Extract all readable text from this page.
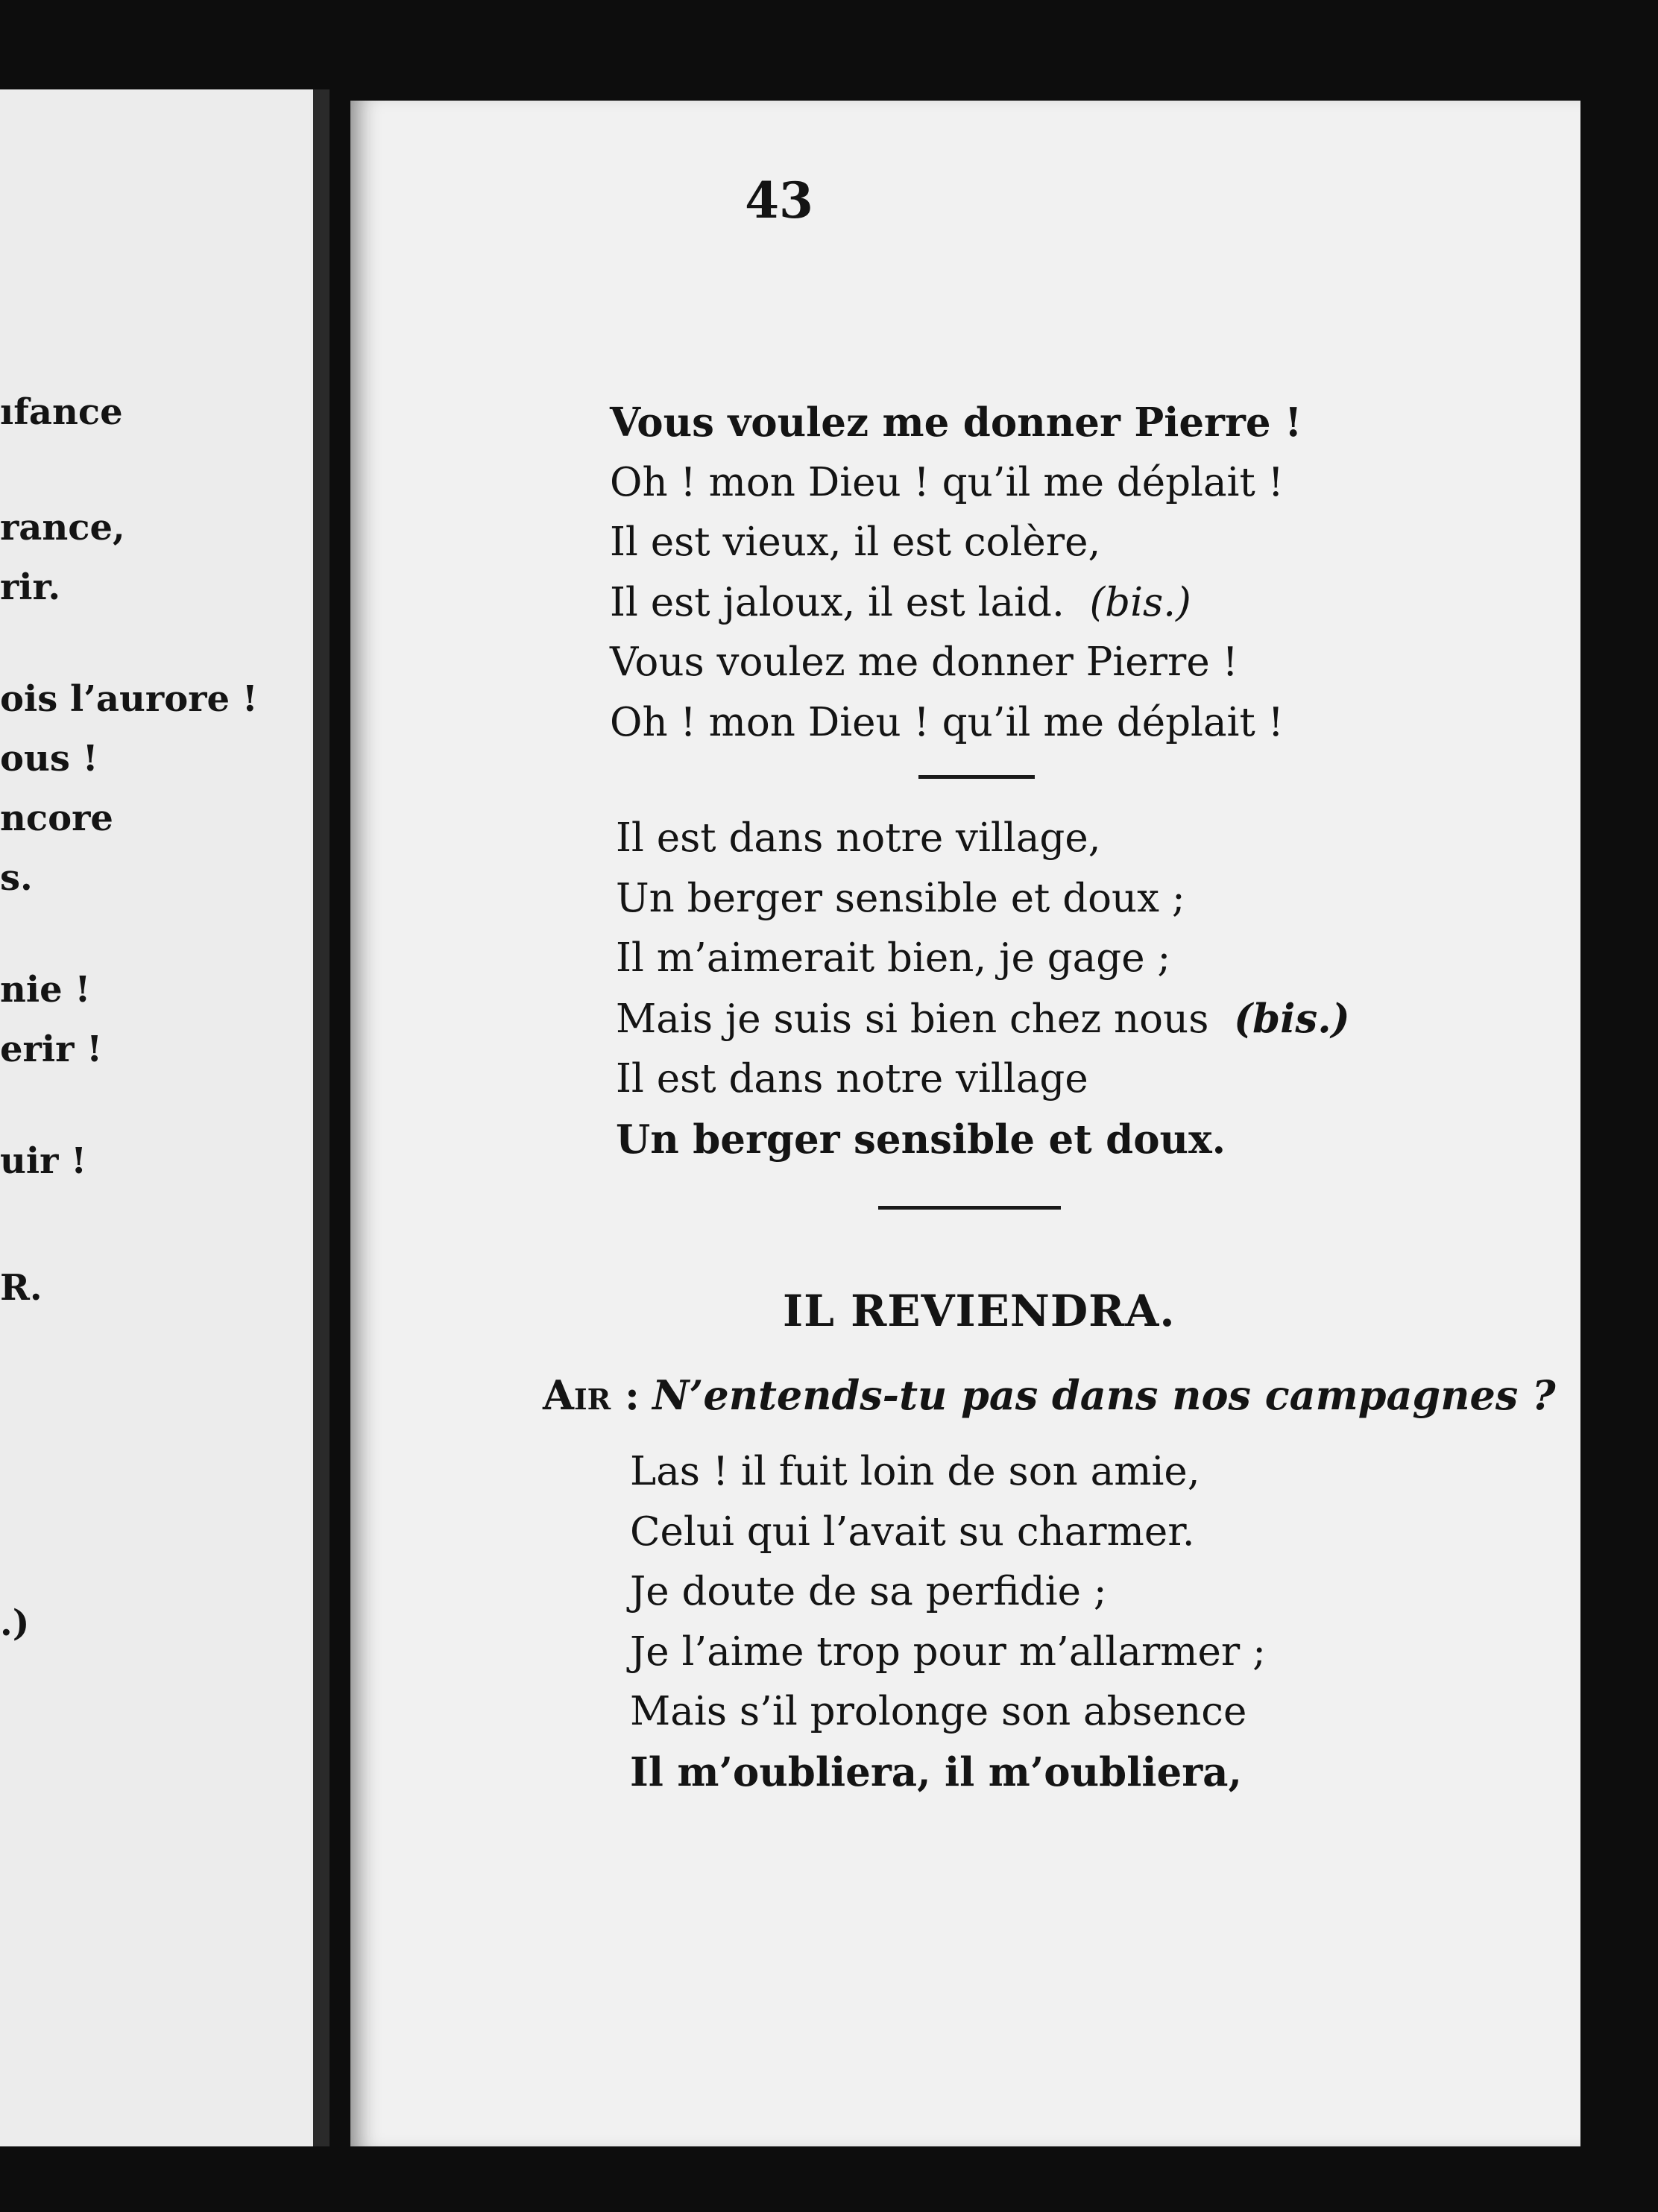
ıfance

rance,

rir.

ois l’aurore !

ous !

ncore

s.

nie !

erir !

uir !

R.

.)

43
Vous voulez me donner Pierre !
Oh ! mon Dieu ! qu’il me déplait !
Il est vieux, il est colère,
Il est jaloux, il est laid. (bis.)
Vous voulez me donner Pierre !
Oh ! mon Dieu ! qu’il me déplait !
Il est dans notre village,
Un berger sensible et doux ;
Il m’aimerait bien, je gage ;
Mais je suis si bien chez nous (bis.)
Il est dans notre village
Un berger sensible et doux.
IL REVIENDRA.

Air : N’entends-tu pas dans nos campagnes ?

Las ! il fuit loin de son amie,
Celui qui l’avait su charmer.
Je doute de sa perfidie ;
Je l’aime trop pour m’allarmer ;
Mais s’il prolonge son absence
Il m’oubliera, il m’oubliera,
